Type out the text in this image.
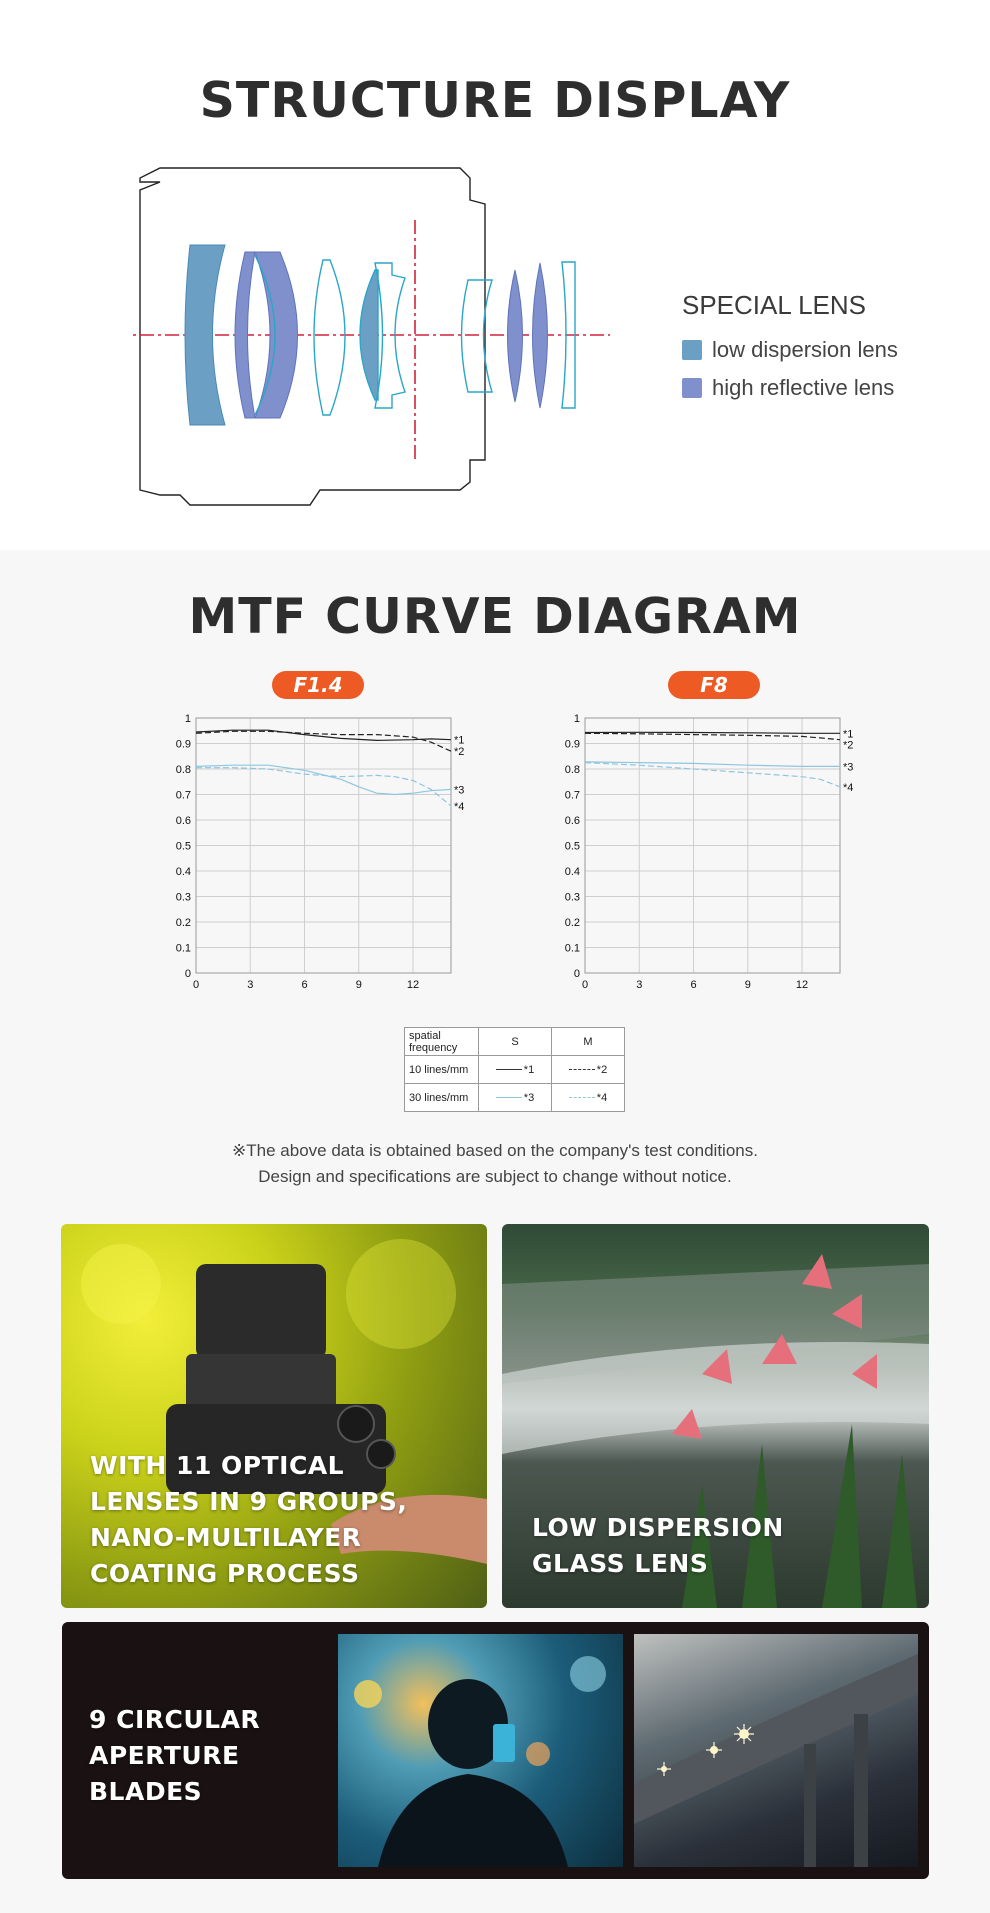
STRUCTURE DISPLAY
SPECIAL LENS
low dispersion lens
high reflective lens
MTF CURVE DIAGRAM
F1.4	F8
0
0.1
0.2
0.3
0.4
0.5
0.6
0.7
0.8
0.9
1
0	3	6	9	12
*1
*2
*3
*4
0
0.1
0.2
0.3
0.4
0.5
0.6
0.7
0.8
0.9
1
0	3	6	9	12
*1
*2
*3
*4
spatial frequency	S	M
10 lines/mm	*1	*2
30 lines/mm	*3	*4
※The above data is obtained based on the company's test conditions.
Design and specifications are subject to change without notice.
WITH 11 OPTICAL
LENSES IN 9 GROUPS,
NANO-MULTILAYER
COATING PROCESS
LOW DISPERSION
GLASS LENS
9 CIRCULAR
APERTURE
BLADES
